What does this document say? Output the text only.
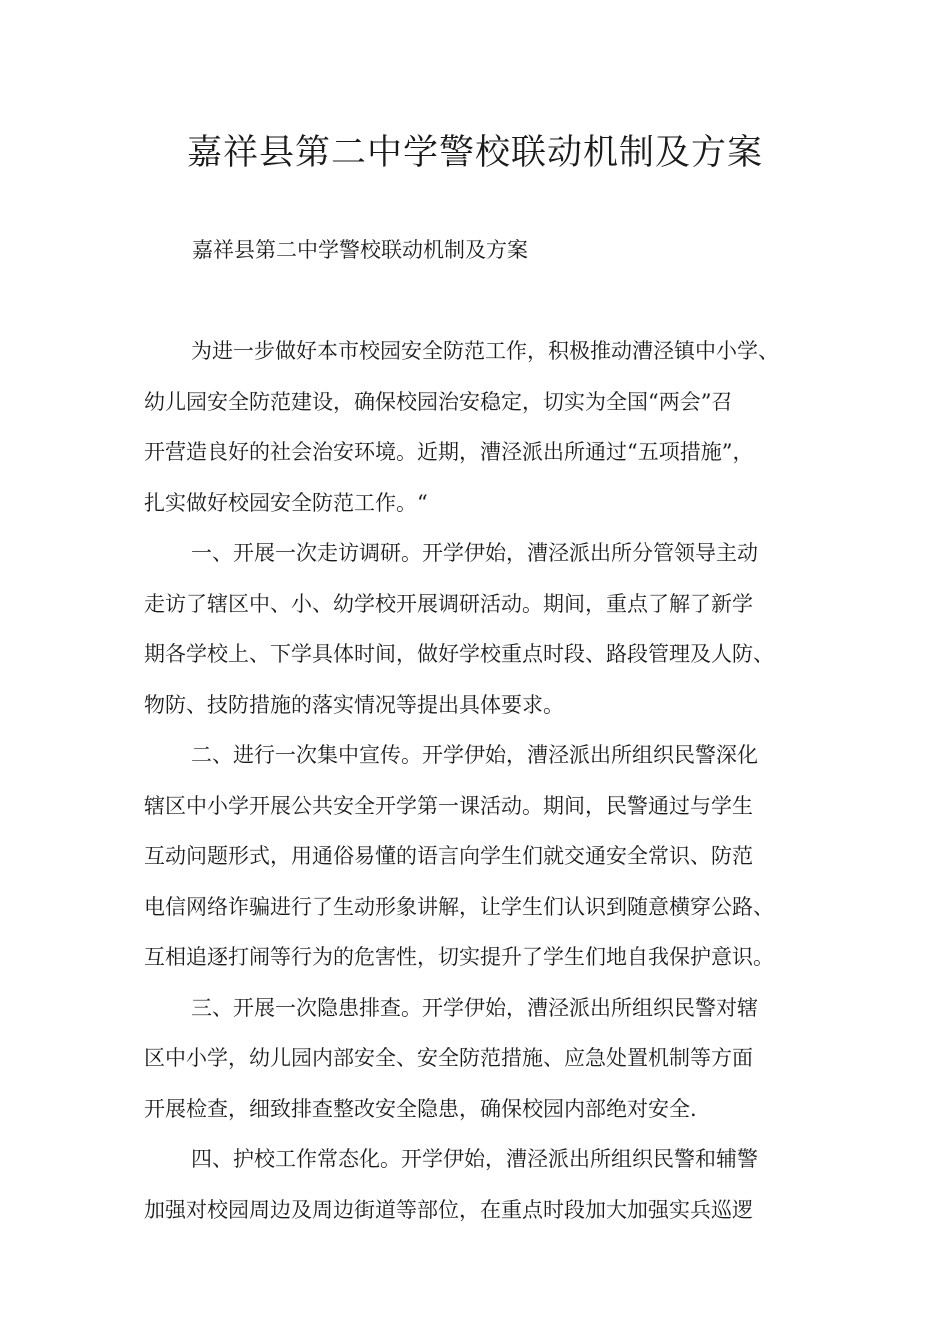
嘉祥县第二中学警校联动机制及方案

嘉祥县第二中学警校联动机制及方案

为进一步做好本市校园安全防范工作，积极推动漕泾镇中小学、

幼儿园安全防范建设，确保校园治安稳定，切实为全国“两会”召

开营造良好的社会治安环境。近期，漕泾派出所通过“五项措施”，

扎实做好校园安全防范工作。“

一、开展一次走访调研。开学伊始，漕泾派出所分管领导主动

走访了辖区中、小、幼学校开展调研活动。期间，重点了解了新学

期各学校上、下学具体时间，做好学校重点时段、路段管理及人防、

物防、技防措施的落实情况等提出具体要求。

二、进行一次集中宣传。开学伊始，漕泾派出所组织民警深化

辖区中小学开展公共安全开学第一课活动。期间，民警通过与学生

互动问题形式，用通俗易懂的语言向学生们就交通安全常识、防范

电信网络诈骗进行了生动形象讲解，让学生们认识到随意横穿公路、

互相追逐打闹等行为的危害性，切实提升了学生们地自我保护意识。

三、开展一次隐患排查。开学伊始，漕泾派出所组织民警对辖

区中小学，幼儿园内部安全、安全防范措施、应急处置机制等方面

开展检查，细致排查整改安全隐患，确保校园内部绝对安全.

四、护校工作常态化。开学伊始，漕泾派出所组织民警和辅警

加强对校园周边及周边街道等部位，在重点时段加大加强实兵巡逻
